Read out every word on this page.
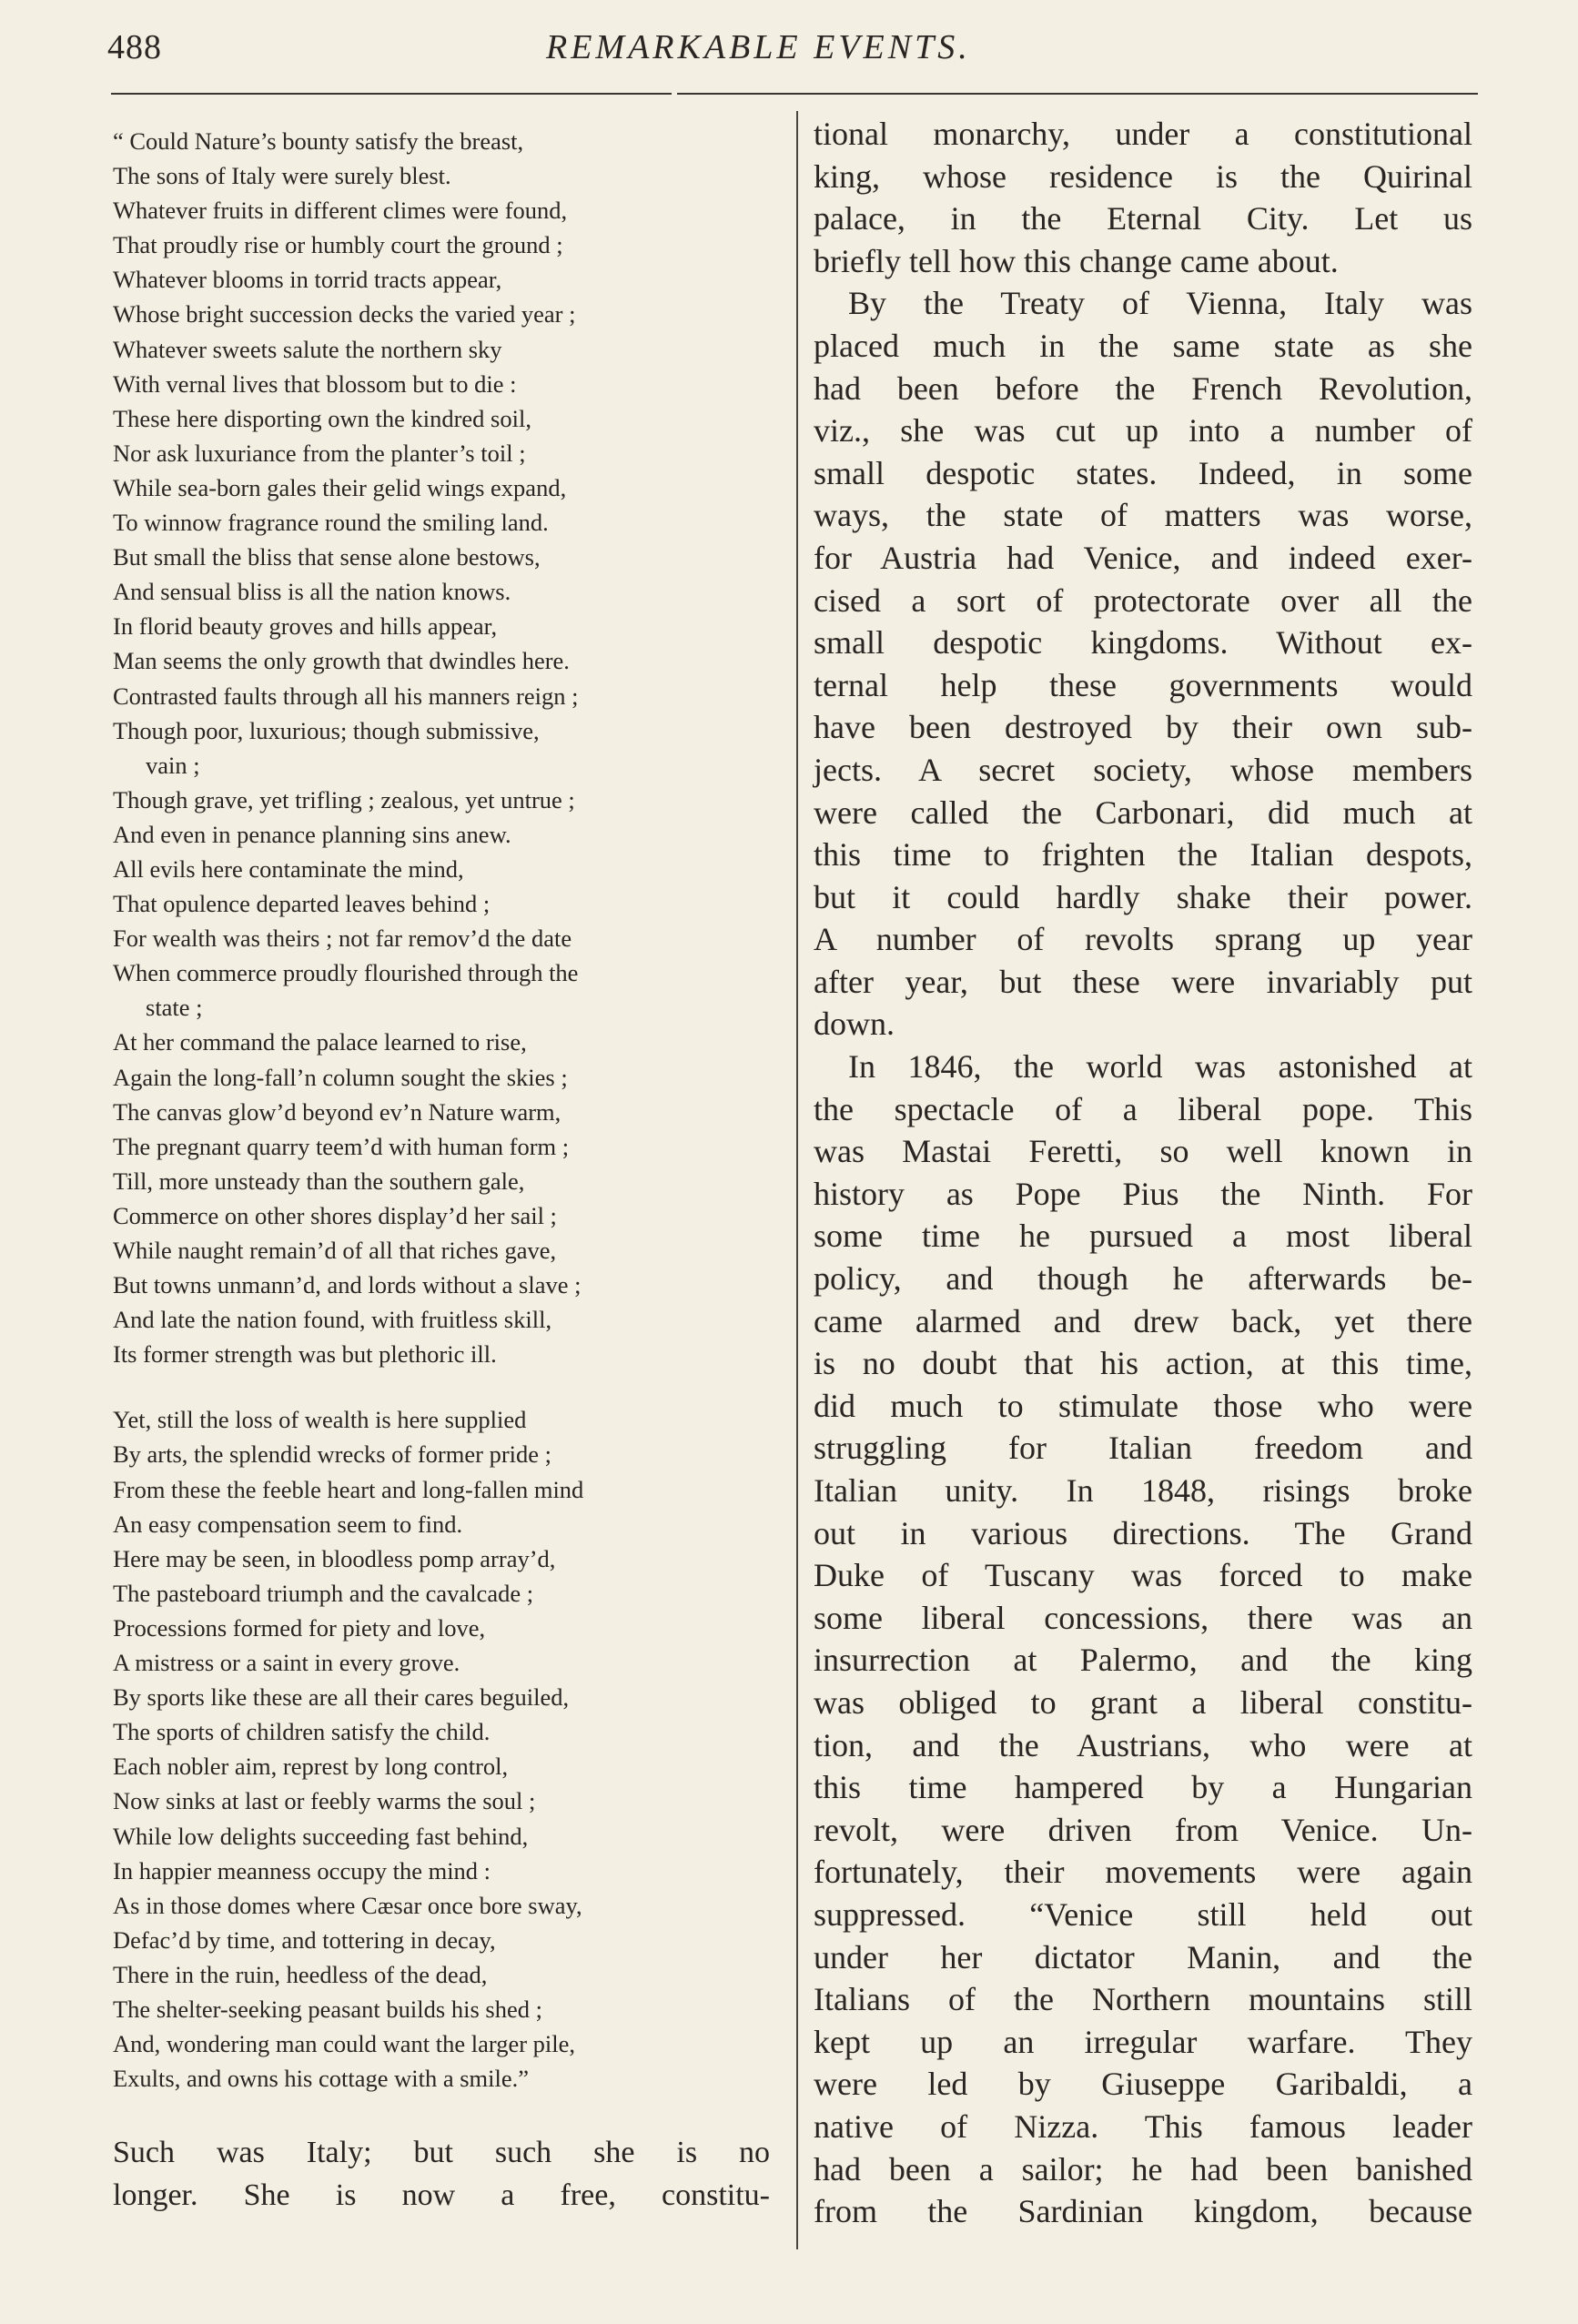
488	REMARKABLE EVENTS.
“ Could Nature’s bounty satisfy the breast,
The sons of Italy were surely blest.
Whatever fruits in different climes were found,
That proudly rise or humbly court the ground ;
Whatever blooms in torrid tracts appear,
Whose bright succession decks the varied year ;
Whatever sweets salute the northern sky
With vernal lives that blossom but to die :
These here disporting own the kindred soil,
Nor ask luxuriance from the planter’s toil ;
While sea-born gales their gelid wings expand,
To winnow fragrance round the smiling land.
But small the bliss that sense alone bestows,
And sensual bliss is all the nation knows.
In florid beauty groves and hills appear,
Man seems the only growth that dwindles here.
Contrasted faults through all his manners reign ;
Though poor, luxurious; though submissive,
vain ;
Though grave, yet trifling ; zealous, yet untrue ;
And even in penance planning sins anew.
All evils here contaminate the mind,
That opulence departed leaves behind ;
For wealth was theirs ; not far remov’d the date
When commerce proudly flourished through the
state ;
At her command the palace learned to rise,
Again the long-fall’n column sought the skies ;
The canvas glow’d beyond ev’n Nature warm,
The pregnant quarry teem’d with human form ;
Till, more unsteady than the southern gale,
Commerce on other shores display’d her sail ;
While naught remain’d of all that riches gave,
But towns unmann’d, and lords without a slave ;
And late the nation found, with fruitless skill,
Its former strength was but plethoric ill.
Yet, still the loss of wealth is here supplied
By arts, the splendid wrecks of former pride ;
From these the feeble heart and long-fallen mind
An easy compensation seem to find.
Here may be seen, in bloodless pomp array’d,
The pasteboard triumph and the cavalcade ;
Processions formed for piety and love,
A mistress or a saint in every grove.
By sports like these are all their cares beguiled,
The sports of children satisfy the child.
Each nobler aim, represt by long control,
Now sinks at last or feebly warms the soul ;
While low delights succeeding fast behind,
In happier meanness occupy the mind :
As in those domes where Cæsar once bore sway,
Defac’d by time, and tottering in decay,
There in the ruin, heedless of the dead,
The shelter-seeking peasant builds his shed ;
And, wondering man could want the larger pile,
Exults, and owns his cottage with a smile.”
Such was Italy; but such she is no
longer. She is now a free, constitu-
tional monarchy, under a constitutional
king, whose residence is the Quirinal
palace, in the Eternal City. Let us
briefly tell how this change came about.
By the Treaty of Vienna, Italy was
placed much in the same state as she
had been before the French Revolution,
viz., she was cut up into a number of
small despotic states. Indeed, in some
ways, the state of matters was worse,
for Austria had Venice, and indeed exer-
cised a sort of protectorate over all the
small despotic kingdoms. Without ex-
ternal help these governments would
have been destroyed by their own sub-
jects. A secret society, whose members
were called the Carbonari, did much at
this time to frighten the Italian despots,
but it could hardly shake their power.
A number of revolts sprang up year
after year, but these were invariably put
down.
In 1846, the world was astonished at
the spectacle of a liberal pope. This
was Mastai Feretti, so well known in
history as Pope Pius the Ninth. For
some time he pursued a most liberal
policy, and though he afterwards be-
came alarmed and drew back, yet there
is no doubt that his action, at this time,
did much to stimulate those who were
struggling for Italian freedom and
Italian unity. In 1848, risings broke
out in various directions. The Grand
Duke of Tuscany was forced to make
some liberal concessions, there was an
insurrection at Palermo, and the king
was obliged to grant a liberal constitu-
tion, and the Austrians, who were at
this time hampered by a Hungarian
revolt, were driven from Venice. Un-
fortunately, their movements were again
suppressed. “Venice still held out
under her dictator Manin, and the
Italians of the Northern mountains still
kept up an irregular warfare. They
were led by Giuseppe Garibaldi, a
native of Nizza. This famous leader
had been a sailor; he had been banished
from the Sardinian kingdom, because
